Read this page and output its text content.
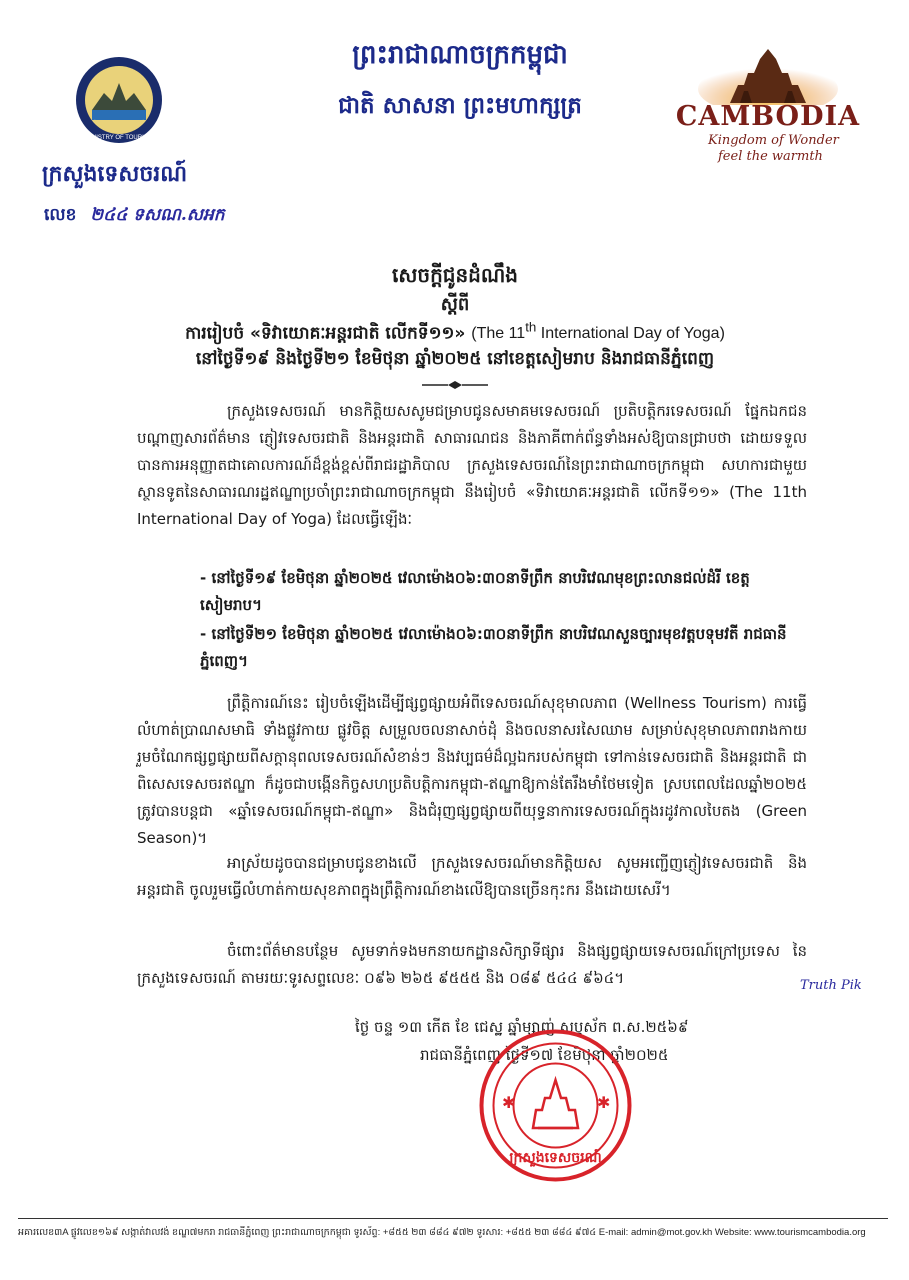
MINISTRY OF TOURISM
ព្រះរាជាណាចក្រកម្ពុជា
ជាតិ សាសនា ព្រះមហាក្សត្រ
ក្រសួងទេសចរណ៍
លេខ ២៤៤ ទសណ.សអក
CAMBODIA
Kingdom of Wonder
feel the warmth
សេចក្តីជូនដំណឹង
ស្តីពី
ការរៀបចំ «ទិវាយោគៈអន្តរជាតិ លើកទី១១» (The 11th International Day of Yoga)
នៅថ្ងៃទី១៩ និងថ្ងៃទី២១ ខែមិថុនា ឆ្នាំ២០២៥ នៅខេត្តសៀមរាប និងរាជធានីភ្នំពេញ
ក្រសួងទេសចរណ៍ មានកិត្តិយសសូមជម្រាបជូនសមាគមទេសចរណ៍ ប្រតិបត្តិករទេសចរណ៍ ផ្នែកឯកជន បណ្តាញសារព័ត៌មាន ភ្ញៀវទេសចរជាតិ និងអន្តរជាតិ សាធារណជន និងភាគីពាក់ព័ន្ធទាំងអស់ឱ្យបានជ្រាបថា ដោយទទួលបានការអនុញ្ញាតជាគោលការណ៍ដ៏ខ្ពង់ខ្ពស់ពីរាជរដ្ឋាភិបាល ក្រសួងទេសចរណ៍នៃព្រះរាជាណាចក្រកម្ពុជា សហការជាមួយស្ថានទូតនៃសាធារណរដ្ឋឥណ្ឌាប្រចាំព្រះរាជាណាចក្រកម្ពុជា នឹងរៀបចំ «ទិវាយោគៈអន្តរជាតិ លើកទី១១» (The 11th International Day of Yoga) ដែលធ្វើឡើងៈ
- នៅថ្ងៃទី១៩ ខែមិថុនា ឆ្នាំ២០២៥ វេលាម៉ោង០៦:៣០នាទីព្រឹក នាបរិវេណមុខព្រះលានជល់ដំរី ខេត្តសៀមរាប។
- នៅថ្ងៃទី២១ ខែមិថុនា ឆ្នាំ២០២៥ វេលាម៉ោង០៦:៣០នាទីព្រឹក នាបរិវេណសួនច្បារមុខវត្តបទុមវតី រាជធានីភ្នំពេញ។
ព្រឹត្តិការណ៍នេះ រៀបចំឡើងដើម្បីផ្សព្វផ្សាយអំពីទេសចរណ៍សុខុមាលភាព (Wellness Tourism) ការធ្វើលំហាត់ប្រាណសមាធិ ទាំងផ្លូវកាយ ផ្លូវចិត្ត សម្រួលចលនាសាច់ដុំ និងចលនាសរសៃឈាម សម្រាប់សុខុមាលភាពរាងកាយ រួមចំណែកផ្សព្វផ្សាយពីសក្តានុពលទេសចរណ៍សំខាន់ៗ និងវប្បធម៌ដ៏ល្អឯករបស់កម្ពុជា ទៅកាន់ទេសចរជាតិ និងអន្តរជាតិ ជាពិសេសទេសចរឥណ្ឌា ក៏ដូចជាបង្កើនកិច្ចសហប្រតិបត្តិការកម្ពុជា-ឥណ្ឌាឱ្យកាន់តែរឹងមាំថែមទៀត ស្របពេលដែលឆ្នាំ២០២៥ ត្រូវបានបន្តជា «ឆ្នាំទេសចរណ៍កម្ពុជា-ឥណ្ឌា» និងជំរុញផ្សព្វផ្សាយពីយុទ្ធនាការទេសចរណ៍ក្នុងរដូវកាលបៃតង (Green Season)។
អាស្រ័យដូចបានជម្រាបជូនខាងលើ ក្រសួងទេសចរណ៍មានកិត្តិយស សូមអញ្ជើញភ្ញៀវទេសចរជាតិ និងអន្តរជាតិ ចូលរួមធ្វើលំហាត់កាយសុខភាពក្នុងព្រឹត្តិការណ៍ខាងលើឱ្យបានច្រើនកុះករ នឹងដោយសេរី។
ចំពោះព័ត៌មានបន្ថែម សូមទាក់ទងមកនាយកដ្ឋានសិក្សាទីផ្សារ និងផ្សព្វផ្សាយទេសចរណ៍ក្រៅប្រទេស នៃក្រសួងទេសចរណ៍ តាមរយៈទូរសព្ទលេខៈ ០៩៦ ២៦៥ ៩៥៥៥ និង ០៨៩ ៥៤៤ ៩៦៤។	Truth Pik
ថ្ងៃ ចន្ទ ១៣ កើត ខែ ជេស្ឋ ឆ្នាំម្សាញ់ សប្តស័ក ព.ស.២៥៦៩
រាជធានីភ្នំពេញ ថ្ងៃទី១៧ ខែមិថុនា ឆ្នាំ២០២៥
✱	✱
ក្រសួងទេសចរណ៍
អគារលេខ៣A ផ្លូវលេខ១៦៩ សង្កាត់វាលវង់ ខណ្ឌ៧មករា រាជធានីភ្នំពេញ ព្រះរាជាណាចក្រកម្ពុជា ទូរស័ព្ទ: +៨៥៥ ២៣ ៨៨៤ ៩៧២ ទូរសារ: +៨៥៥ ២៣ ៨៨៤ ៩៧៤ E-mail: admin@mot.gov.kh Website: www.tourismcambodia.org
